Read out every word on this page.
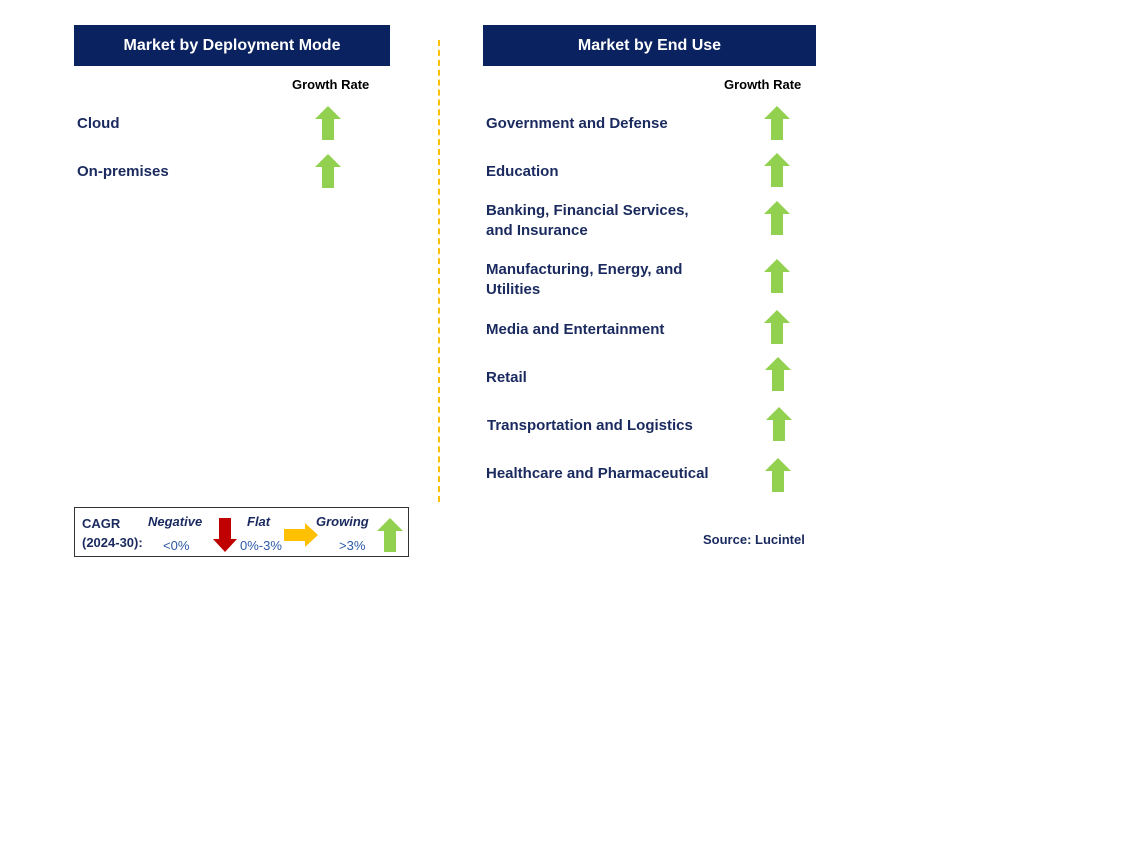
Market by Deployment Mode
Growth Rate
Cloud
On-premises
Market by End Use
Growth Rate
Government and Defense
Education
Banking, Financial Services, and Insurance
Manufacturing, Energy, and Utilities
Media and Entertainment
Retail
Transportation and Logistics
Healthcare and Pharmaceutical
CAGR
(2024-30):
Negative
<0%
Flat
0%-3%
Growing
>3%	Source: Lucintel
